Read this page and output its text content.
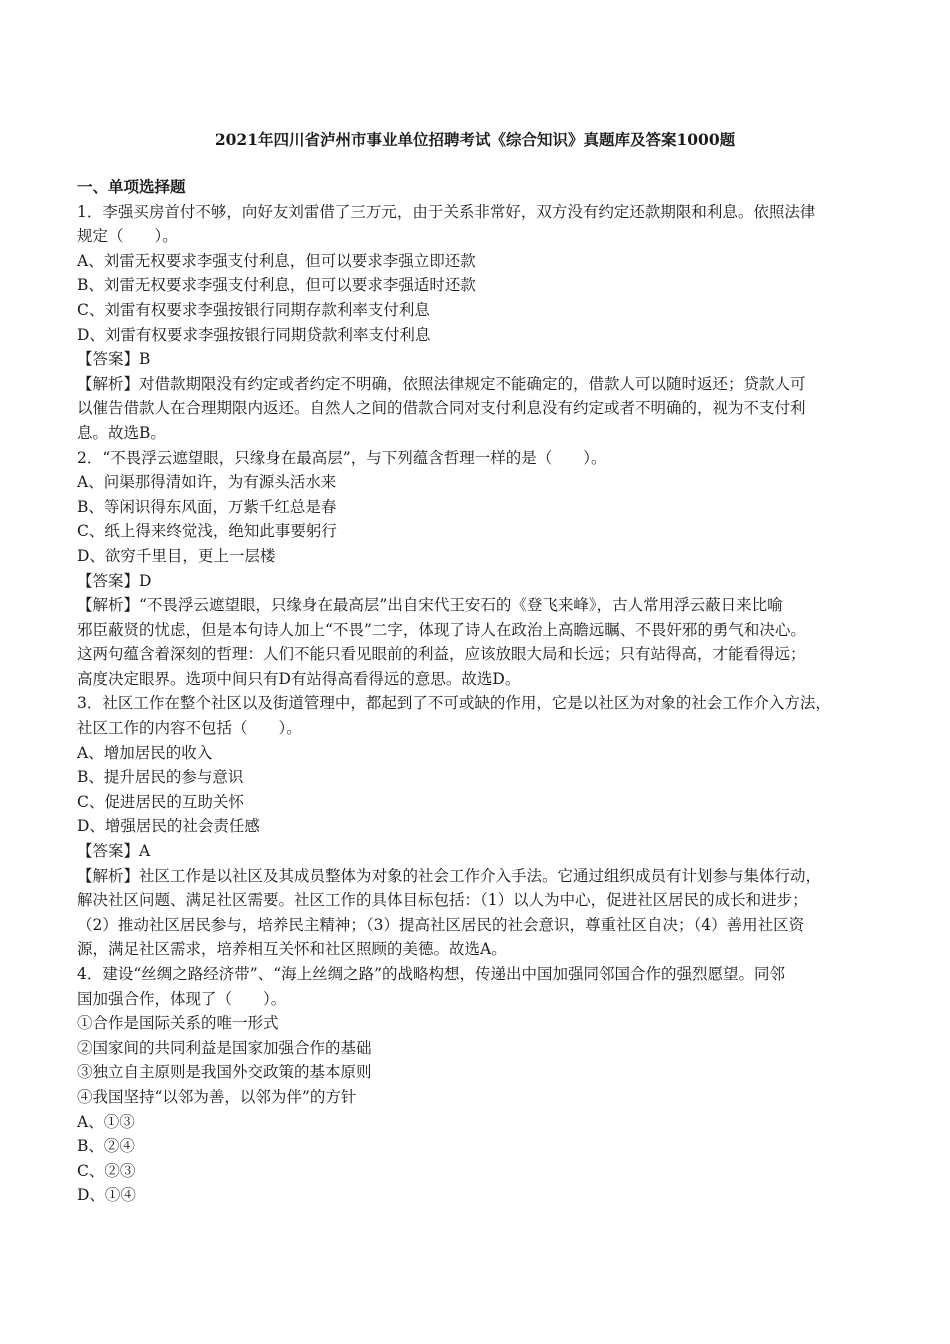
2021年四川省泸州市事业单位招聘考试《综合知识》真题库及答案1000题
一、单项选择题
1．李强买房首付不够，向好友刘雷借了三万元，由于关系非常好，双方没有约定还款期限和利息。依照法律
规定（　　）。
A、刘雷无权要求李强支付利息，但可以要求李强立即还款
B、刘雷无权要求李强支付利息，但可以要求李强适时还款
C、刘雷有权要求李强按银行同期存款利率支付利息
D、刘雷有权要求李强按银行同期贷款利率支付利息
【答案】B
【解析】对借款期限没有约定或者约定不明确，依照法律规定不能确定的，借款人可以随时返还；贷款人可
以催告借款人在合理期限内返还。自然人之间的借款合同对支付利息没有约定或者不明确的，视为不支付利
息。故选B。
2．“不畏浮云遮望眼，只缘身在最高层”，与下列蕴含哲理一样的是（　　）。
A、问渠那得清如许，为有源头活水来
B、等闲识得东风面，万紫千红总是春
C、纸上得来终觉浅，绝知此事要躬行
D、欲穷千里目，更上一层楼
【答案】D
【解析】“不畏浮云遮望眼，只缘身在最高层”出自宋代王安石的《登飞来峰》，古人常用浮云蔽日来比喻
邪臣蔽贤的忧虑，但是本句诗人加上“不畏”二字，体现了诗人在政治上高瞻远瞩、不畏奸邪的勇气和决心。
这两句蕴含着深刻的哲理：人们不能只看见眼前的利益，应该放眼大局和长远；只有站得高，才能看得远；
高度决定眼界。选项中间只有D有站得高看得远的意思。故选D。
3．社区工作在整个社区以及街道管理中，都起到了不可或缺的作用，它是以社区为对象的社会工作介入方法，
社区工作的内容不包括（　　）。
A、增加居民的收入
B、提升居民的参与意识
C、促进居民的互助关怀
D、增强居民的社会责任感
【答案】A
【解析】社区工作是以社区及其成员整体为对象的社会工作介入手法。它通过组织成员有计划参与集体行动，
解决社区问题、满足社区需要。社区工作的具体目标包括：（1）以人为中心，促进社区居民的成长和进步；
（2）推动社区居民参与，培养民主精神；（3）提高社区居民的社会意识，尊重社区自决；（4）善用社区资
源，满足社区需求，培养相互关怀和社区照顾的美德。故选A。
4．建设“丝绸之路经济带”、“海上丝绸之路”的战略构想，传递出中国加强同邻国合作的强烈愿望。同邻
国加强合作，体现了（　　）。
①合作是国际关系的唯一形式
②国家间的共同利益是国家加强合作的基础
③独立自主原则是我国外交政策的基本原则
④我国坚持“以邻为善，以邻为伴”的方针
A、①③
B、②④
C、②③
D、①④
